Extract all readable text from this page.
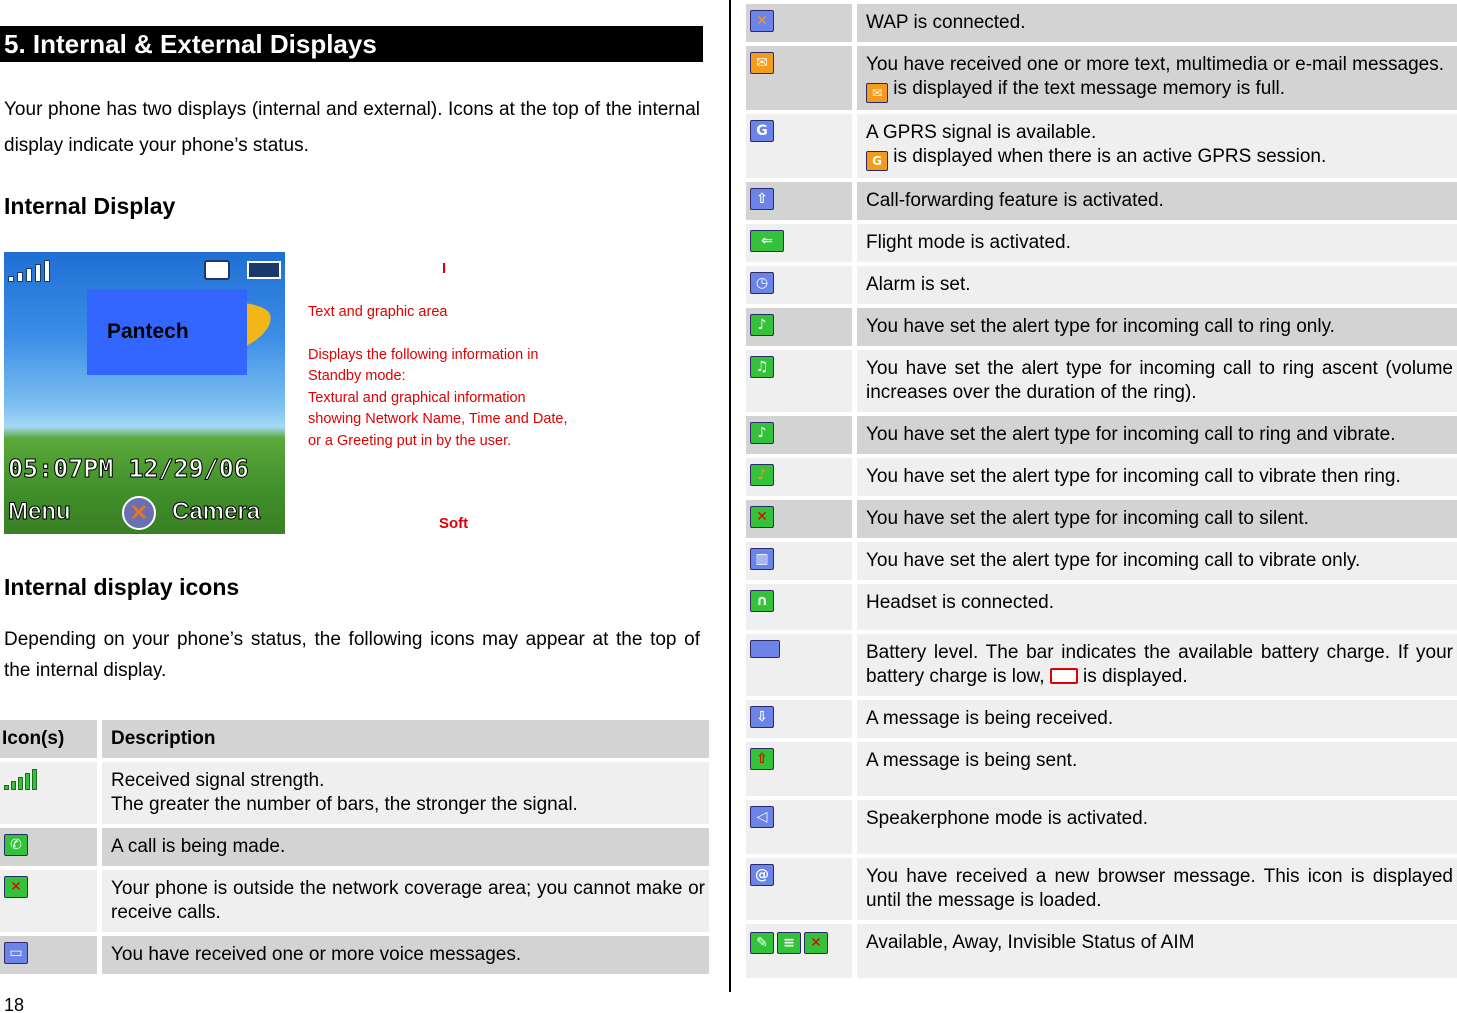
5. Internal & External Displays
Your phone has two displays (internal and external). Icons at the top of the internal display indicate your phone’s status.
Internal Display
Pantech
05:07PM 12/29/06
Menu	✕ Camera
I

Text and graphic area

Displays the following information in

Standby mode:

Textural and graphical information

showing Network Name, Time and Date,

or a Greeting put in by the user.

Soft
Internal display icons
Depending on your phone’s status, the following icons may appear at the top of the internal display.
Icon(s)	Description

	Received signal strength.
The greater the number of bars, the stronger the signal.

✆	A call is being made.

✕	Your phone is outside the network coverage area; you cannot make or receive calls.

▭	You have received one or more voice messages.
18
✕	WAP is connected.
✉	You have received one or more text, multimedia or e-mail messages.
✉ is displayed if the text message memory is full.

G	A GPRS signal is available.
G is displayed when there is an active GPRS session.

⇧	Call-forwarding feature is activated.
⇐	Flight mode is activated.
◷	Alarm is set.
♪	You have set the alert type for incoming call to ring only.
♫	You have set the alert type for incoming call to ring ascent (volume increases over the duration of the ring).
♪	You have set the alert type for incoming call to ring and vibrate.
♪	You have set the alert type for incoming call to vibrate then ring.
✕	You have set the alert type for incoming call to silent.
▥	You have set the alert type for incoming call to vibrate only.
∩	Headset is connected.
	Battery level. The bar indicates the available battery charge. If your battery charge is low, is displayed.
⇩	A message is being received.
⇧	A message is being sent.
◁	Speakerphone mode is activated.
@	You have received a new browser message. This icon is displayed until the message is loaded.

✎ ≡ ✕	Available, Away, Invisible Status of AIM
